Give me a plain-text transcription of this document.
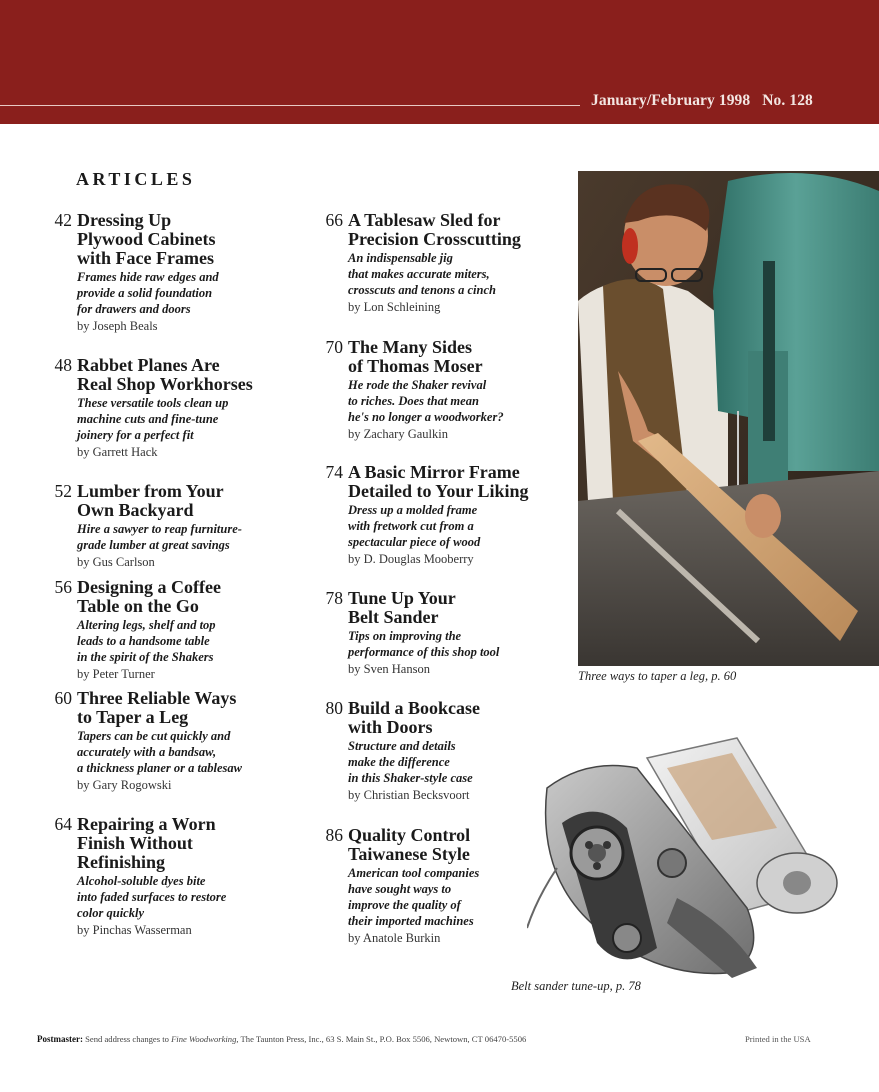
January/February 1998 No. 128
ARTICLES
42 Dressing Up
Plywood Cabinets
with Face Frames
Frames hide raw edges and
provide a solid foundation
for drawers and doors
by Joseph Beals
48 Rabbet Planes Are
Real Shop Workhorses
These versatile tools clean up
machine cuts and fine-tune
joinery for a perfect fit
by Garrett Hack
52 Lumber from Your
Own Backyard
Hire a sawyer to reap furniture-
grade lumber at great savings
by Gus Carlson
56 Designing a Coffee
Table on the Go
Altering legs, shelf and top
leads to a handsome table
in the spirit of the Shakers
by Peter Turner
60 Three Reliable Ways
to Taper a Leg
Tapers can be cut quickly and
accurately with a bandsaw,
a thickness planer or a tablesaw
by Gary Rogowski
64 Repairing a Worn
Finish Without
Refinishing
Alcohol-soluble dyes bite
into faded surfaces to restore
color quickly
by Pinchas Wasserman
66 A Tablesaw Sled for
Precision Crosscutting
An indispensable jig
that makes accurate miters,
crosscuts and tenons a cinch
by Lon Schleining
70 The Many Sides
of Thomas Moser
He rode the Shaker revival
to riches. Does that mean
he's no longer a woodworker?
by Zachary Gaulkin
74 A Basic Mirror Frame
Detailed to Your Liking
Dress up a molded frame
with fretwork cut from a
spectacular piece of wood
by D. Douglas Mooberry
78 Tune Up Your
Belt Sander
Tips on improving the
performance of this shop tool
by Sven Hanson
80 Build a Bookcase
with Doors
Structure and details
make the difference
in this Shaker-style case
by Christian Becksvoort
86 Quality Control
Taiwanese Style
American tool companies
have sought ways to
improve the quality of
their imported machines
by Anatole Burkin
Three ways to taper a leg, p. 60
Belt sander tune-up, p. 78
Postmaster: Send address changes to Fine Woodworking, The Taunton Press, Inc., 63 S. Main St., P.O. Box 5506, Newtown, CT 06470-5506	Printed in the USA
